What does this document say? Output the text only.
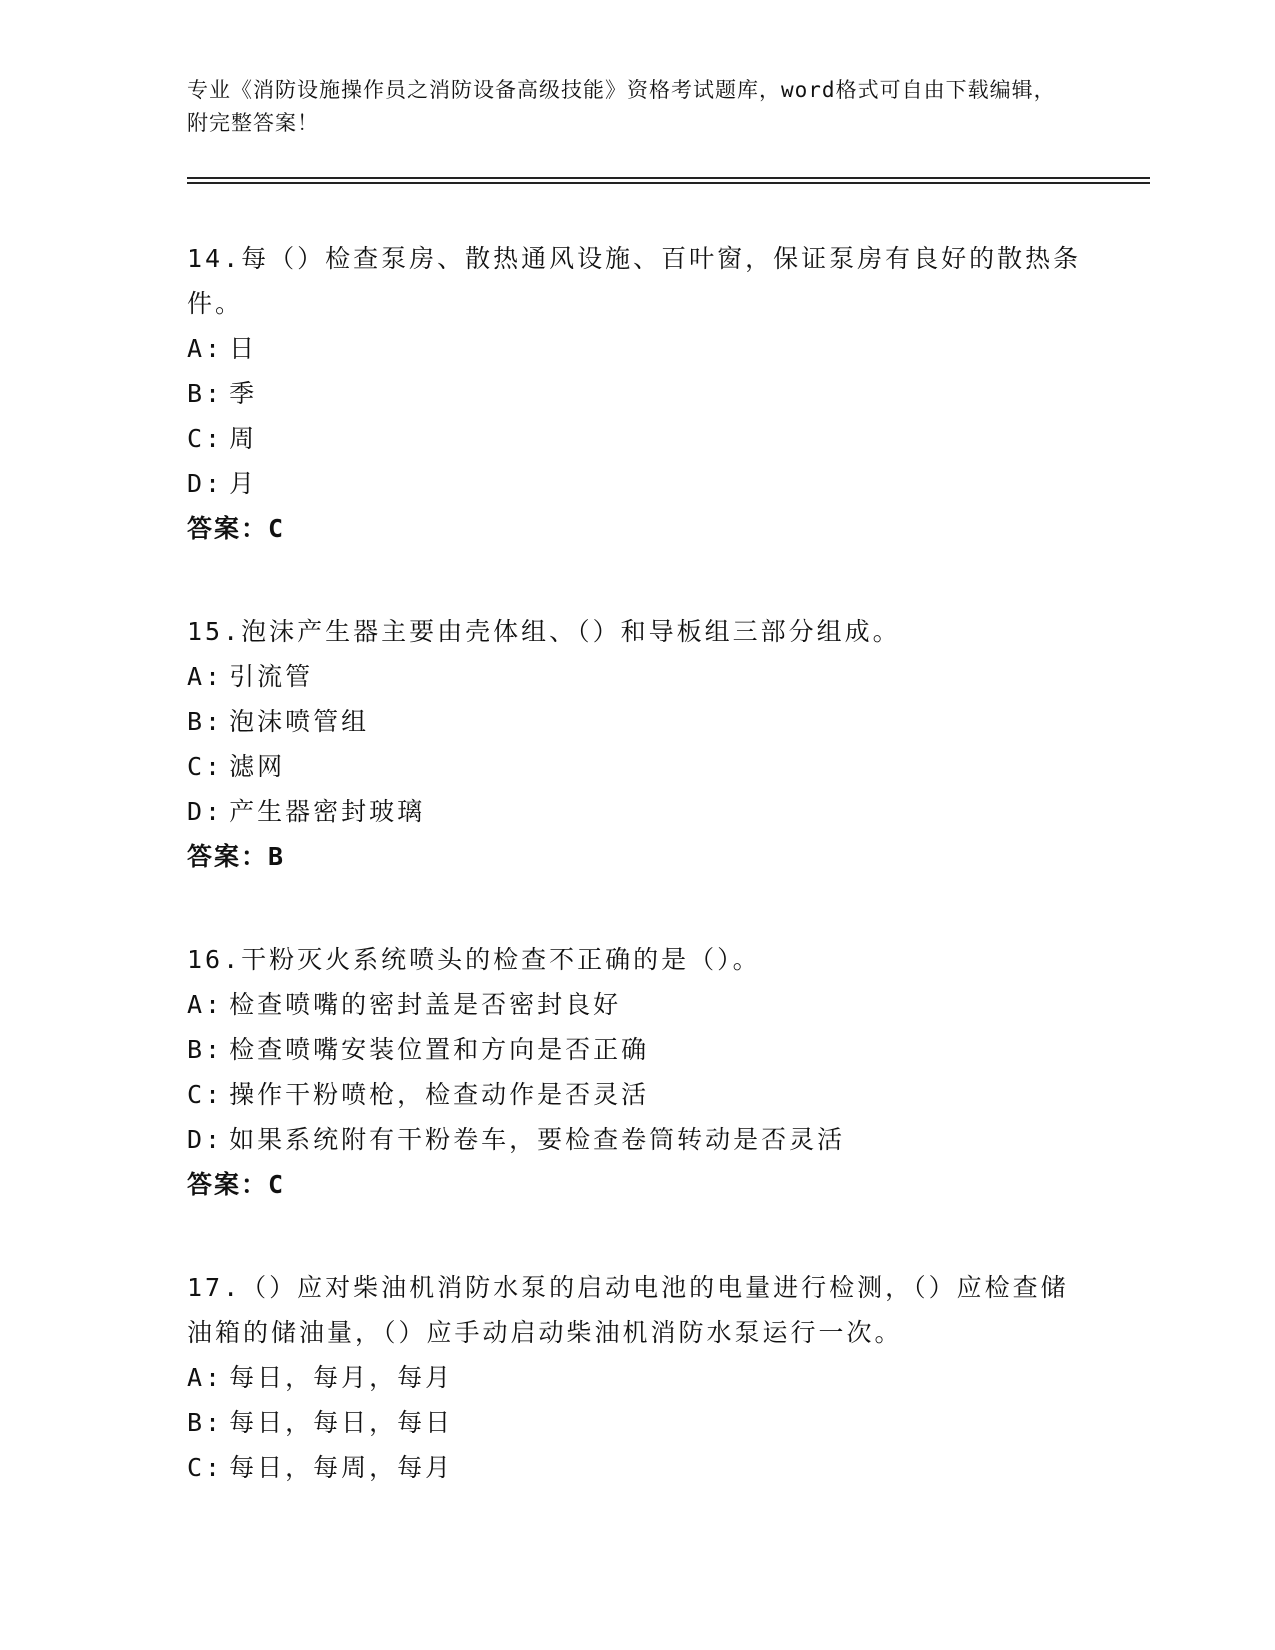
专业《消防设施操作员之消防设备高级技能》资格考试题库，word格式可自由下载编辑，附完整答案！

14.每（）检查泵房、散热通风设施、百叶窗，保证泵房有良好的散热条件。

A: 日

B: 季

C: 周

D: 月

答案：C

15.泡沫产生器主要由壳体组、（）和导板组三部分组成。

A: 引流管

B: 泡沫喷管组

C: 滤网

D: 产生器密封玻璃

答案：B

16.干粉灭火系统喷头的检查不正确的是（）。

A: 检查喷嘴的密封盖是否密封良好

B: 检查喷嘴安装位置和方向是否正确

C: 操作干粉喷枪，检查动作是否灵活

D: 如果系统附有干粉卷车，要检查卷筒转动是否灵活

答案：C

17.（）应对柴油机消防水泵的启动电池的电量进行检测，（）应检查储油箱的储油量，（）应手动启动柴油机消防水泵运行一次。

A: 每日，每月，每月

B: 每日，每日，每日

C: 每日，每周，每月
